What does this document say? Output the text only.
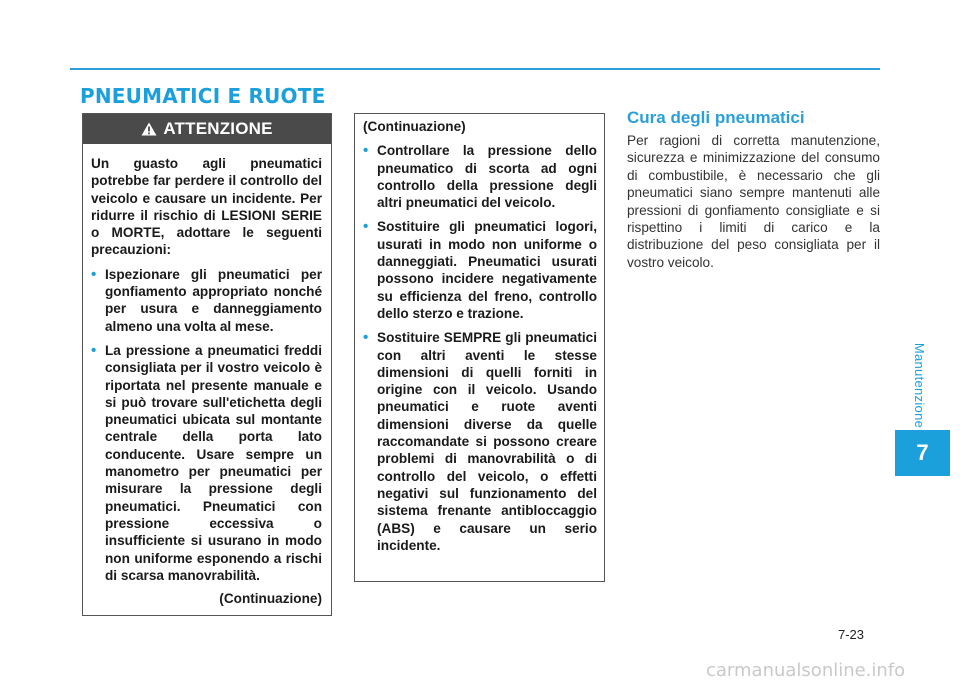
PNEUMATICI E RUOTE
ATTENZIONE

Un guasto agli pneumatici potrebbe far perdere il controllo del veicolo e causare un incidente. Per ridurre il rischio di LESIONI SERIE o MORTE, adottare le seguenti precauzioni:

• Ispezionare gli pneumatici per gonfiamento appropriato nonché per usura e danneggiamento almeno una volta al mese.
• La pressione a pneumatici freddi consigliata per il vostro veicolo è riportata nel presente manuale e si può trovare sull'etichetta degli pneumatici ubicata sul montante centrale della porta lato conducente. Usare sempre un manometro per pneumatici per misurare la pressione degli pneumatici. Pneumatici con pressione eccessiva o insufficiente si usurano in modo non uniforme esponendo a rischi di scarsa manovrabilità.
(Continuazione)

(Continuazione)

• Controllare la pressione dello pneumatico di scorta ad ogni controllo della pressione degli altri pneumatici del veicolo.
• Sostituire gli pneumatici logori, usurati in modo non uniforme o danneggiati. Pneumatici usurati possono incidere negativamente su efficienza del freno, controllo dello sterzo e trazione.
• Sostituire SEMPRE gli pneumatici con altri aventi le stesse dimensioni di quelli forniti in origine con il veicolo. Usando pneumatici e ruote aventi dimensioni diverse da quelle raccomandate si possono creare problemi di manovrabilità o di controllo del veicolo, o effetti negativi sul funzionamento del sistema frenante antibloccaggio (ABS) e causare un serio incidente.
Cura degli pneumatici
Per ragioni di corretta manutenzione, sicurezza e minimizzazione del consumo di combustibile, è necessario che gli pneumatici siano sempre mantenuti alle pressioni di gonfiamento consigliate e si rispettino i limiti di carico e la distribuzione del peso consigliata per il vostro veicolo.
Manutenzione
7
7-23
carmanualsonline.info
